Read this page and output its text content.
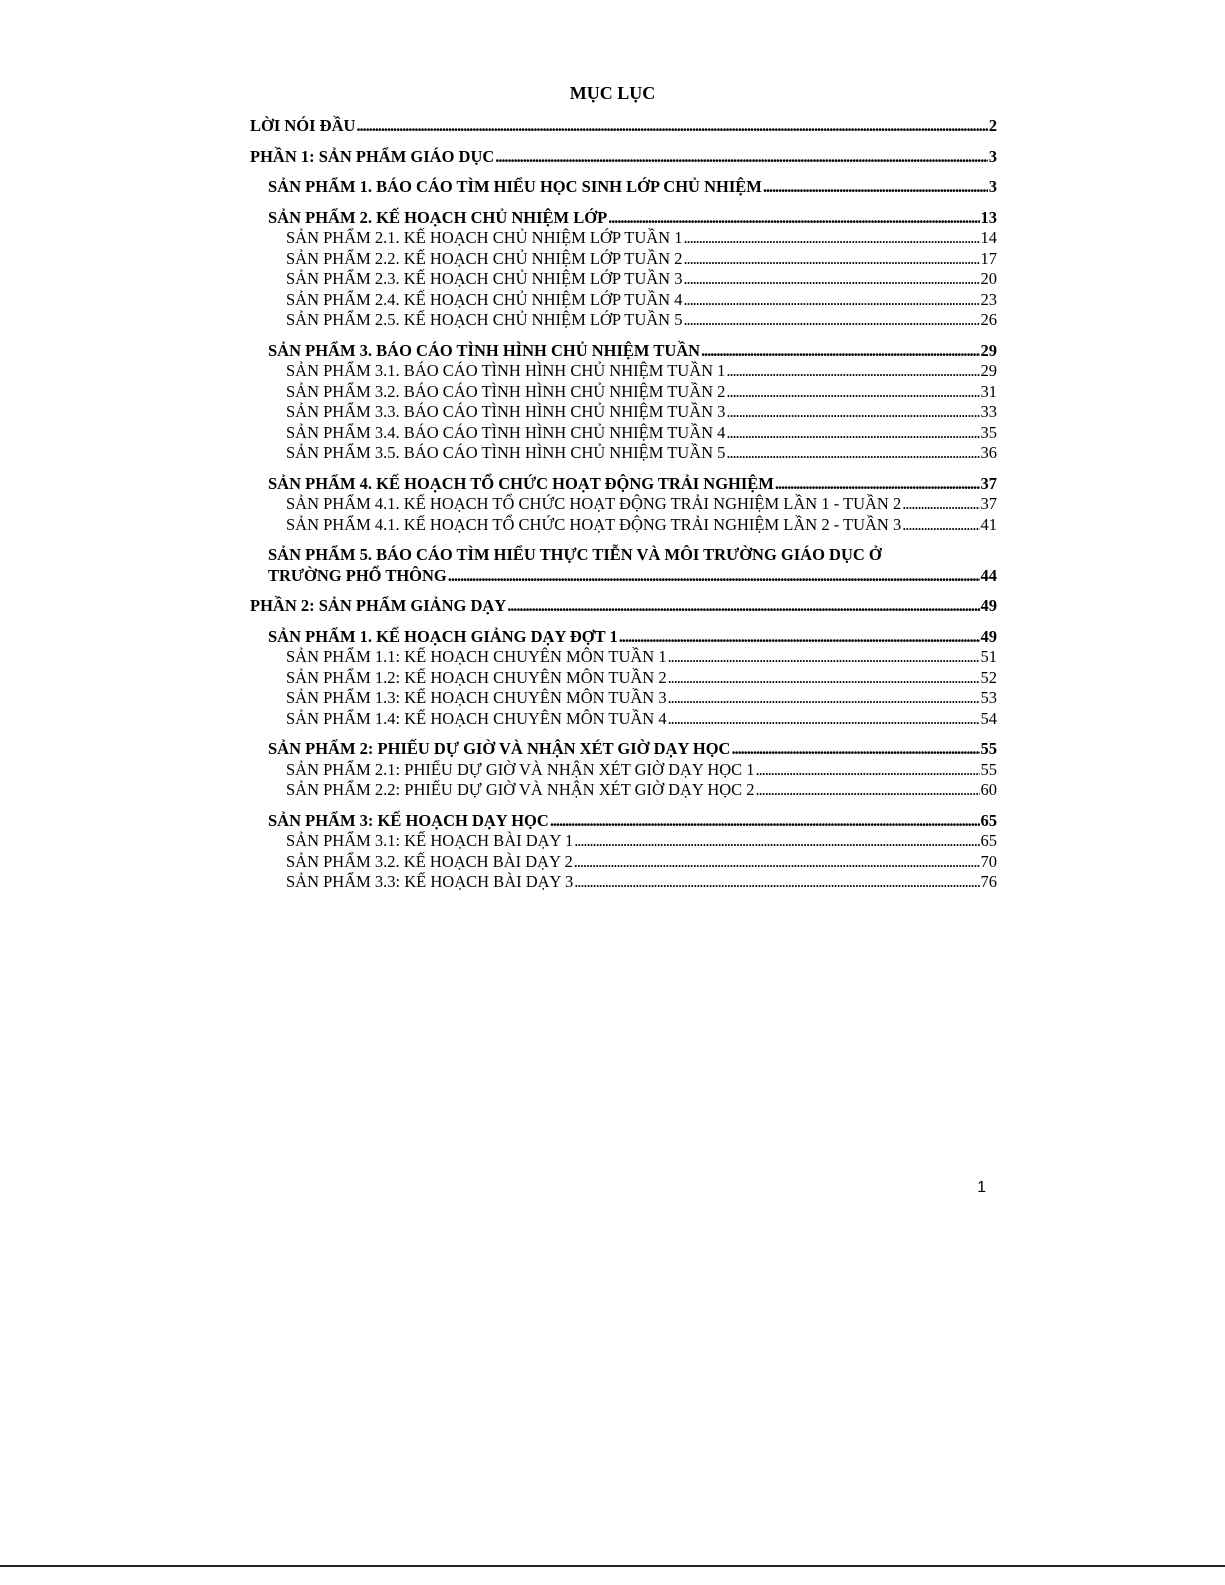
MỤC LỤC
LỜI NÓI ĐẦU . . .	2
PHẦN 1: SẢN PHẨM GIÁO DỤC . . .	3
SẢN PHẨM 1. BÁO CÁO TÌM HIỂU HỌC SINH LỚP CHỦ NHIỆM . . .	3
SẢN PHẨM 2. KẾ HOẠCH CHỦ NHIỆM LỚP . . .	13
SẢN PHẨM 2.1. KẾ HOẠCH CHỦ NHIỆM LỚP TUẦN 1 . . .	14
SẢN PHẨM 2.2. KẾ HOẠCH CHỦ NHIỆM LỚP TUẦN 2 . . .	17
SẢN PHẨM 2.3. KẾ HOẠCH CHỦ NHIỆM LỚP TUẦN 3 . . .	20
SẢN PHẨM 2.4. KẾ HOẠCH CHỦ NHIỆM LỚP TUẦN 4 . . .	23
SẢN PHẨM 2.5. KẾ HOẠCH CHỦ NHIỆM LỚP TUẦN 5 . . .	26
SẢN PHẨM 3. BÁO CÁO TÌNH HÌNH CHỦ NHIỆM TUẦN . . .	29
SẢN PHẨM 3.1. BÁO CÁO TÌNH HÌNH CHỦ NHIỆM TUẦN 1 . . .	29
SẢN PHẨM 3.2. BÁO CÁO TÌNH HÌNH CHỦ NHIỆM TUẦN 2 . . .	31
SẢN PHẨM 3.3. BÁO CÁO TÌNH HÌNH CHỦ NHIỆM TUẦN 3 . . .	33
SẢN PHẨM 3.4. BÁO CÁO TÌNH HÌNH CHỦ NHIỆM TUẦN 4 . . .	35
SẢN PHẨM 3.5. BÁO CÁO TÌNH HÌNH CHỦ NHIỆM TUẦN 5 . . .	36
SẢN PHẨM 4. KẾ HOẠCH TỔ CHỨC HOẠT ĐỘNG TRẢI NGHIỆM . . .	37
SẢN PHẨM 4.1. KẾ HOẠCH TỔ CHỨC HOẠT ĐỘNG TRẢI NGHIỆM LẦN 1 - TUẦN 2 . . .	37
SẢN PHẨM 4.1. KẾ HOẠCH TỔ CHỨC HOẠT ĐỘNG TRẢI NGHIỆM LẦN 2 - TUẦN 3 . . .	41
SẢN PHẨM 5. BÁO CÁO TÌM HIỂU THỰC TIỄN VÀ MÔI TRƯỜNG GIÁO DỤC Ở
TRƯỜNG PHỔ THÔNG . . .	44
PHẦN 2: SẢN PHẨM GIẢNG DẠY . . .	49
SẢN PHẨM 1. KẾ HOẠCH GIẢNG DẠY ĐỢT 1 . . .	49
SẢN PHẨM 1.1: KẾ HOẠCH CHUYÊN MÔN TUẦN 1 . . .	51
SẢN PHẨM 1.2: KẾ HOẠCH CHUYÊN MÔN TUẦN 2 . . .	52
SẢN PHẨM 1.3: KẾ HOẠCH CHUYÊN MÔN TUẦN 3 . . .	53
SẢN PHẨM 1.4: KẾ HOẠCH CHUYÊN MÔN TUẦN 4 . . .	54
SẢN PHẨM 2: PHIẾU DỰ GIỜ VÀ NHẬN XÉT GIỜ DẠY HỌC . . .	55
SẢN PHẨM 2.1: PHIẾU DỰ GIỜ VÀ NHẬN XÉT GIỜ DẠY HỌC 1 . . .	55
SẢN PHẨM 2.2: PHIẾU DỰ GIỜ VÀ NHẬN XÉT GIỜ DẠY HỌC 2 . . .	60
SẢN PHẨM 3: KẾ HOẠCH DẠY HỌC . . .	65
SẢN PHẨM 3.1: KẾ HOẠCH BÀI DẠY 1 . . .	65
SẢN PHẨM 3.2. KẾ HOẠCH BÀI DẠY 2 . . .	70
SẢN PHẨM 3.3: KẾ HOẠCH BÀI DẠY 3 . . .	76
1
